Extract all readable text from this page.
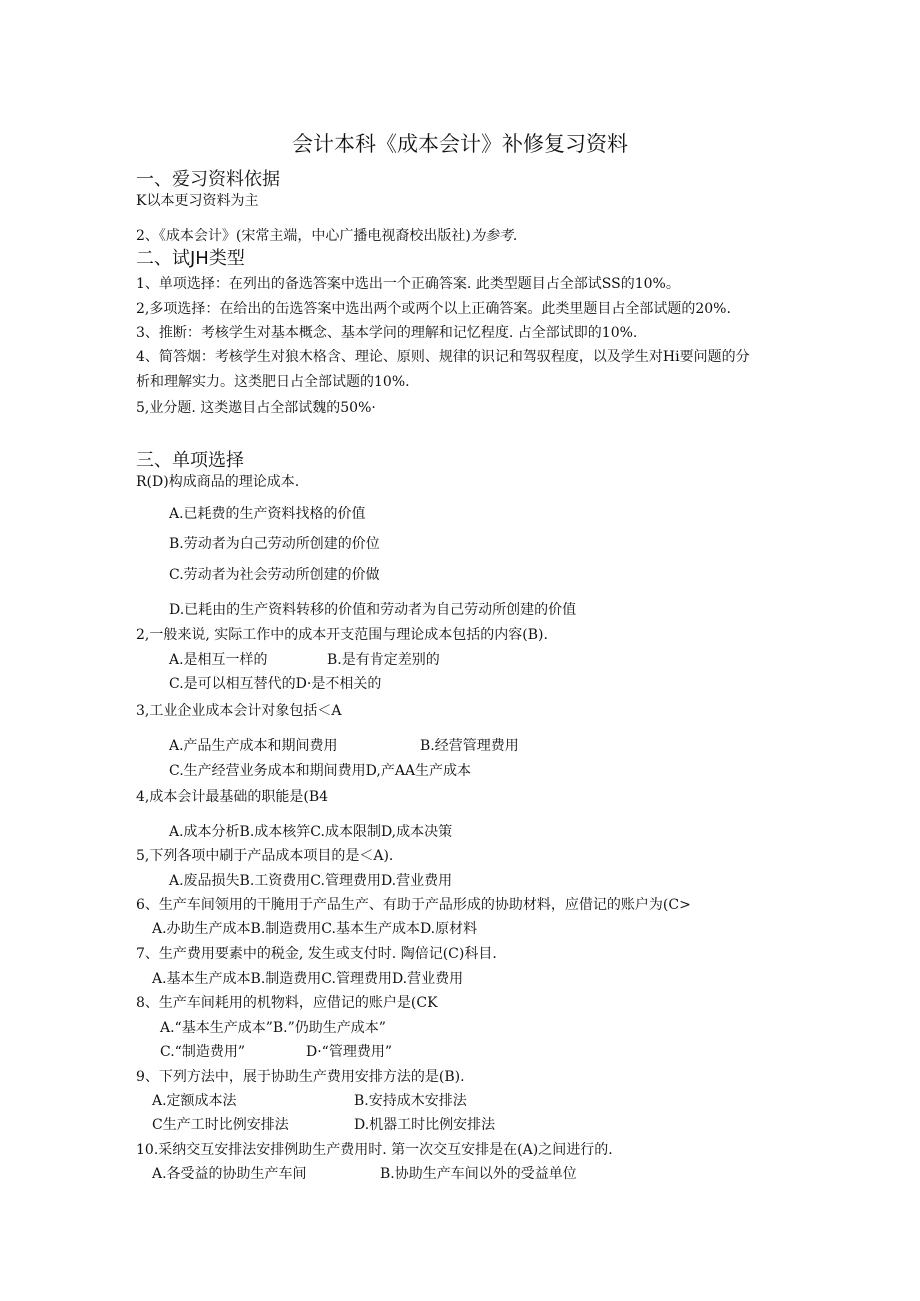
会计本科《成本会计》补修复习资料
一、爱习资料依据
K以本更习资料为主
2、《成本会计》(宋常主端，中心广播电视裔校出版社)为参考.
二、试JH类型
1、单项选择：在列出的备选答案中选出一个正确答案. 此类型题目占全部试SS的10%。
2,多项选择：在给出的缶选答案中选出两个或两个以上正确答案。此类里题目占全部试题的20%.
3、推断：考核学生对基本概念、基本学问的理解和记忆程度. 占全部试即的10%.
4、简答烟：考核学生对狼木格含、理论、原则、规律的识记和驾驭程度，以及学生对Hi要问题的分
析和理解实力。这类肥日占全部试题的10%.
5,业分题. 这类遨目占全部试魏的50%·
三、单项选择
R(D)构成商品的理论成本.
A.已耗费的生产资料找格的价值
B.劳动者为白己劳动所创建的价位
C.劳动者为社会劳动所创建的价做
D.已耗由的生产资料转移的价值和劳动者为自己劳动所创建的价值
2,一般来说, 实际工作中的成本开支范围与理论成本包括的内容(B).
A.是相互一样的	B.是有肯定差别的
C.是可以相互替代的D·是不相关的
3,工业企业成本会计对象包括＜A
A.产品生产成本和期间费用	B.经营管理费用
C.生产经营业务成本和期间费用D,产AA生产成本
4,成本会计最基础的职能是(B4
A.成本分析B.成本核笄C.成本限制D,成本决策
5,下列各项中刷于产品成本项目的是＜A).
A.废品损失B.工资费用C.管理费用D.营业费用
6、生产车间领用的干腌用于产品生产、有助于产品形成的协助材料，应借记的账户为(C>
A.办助生产成本B.制造费用C.基本生产成本D.原材料
7、生产费用要素中的税金, 发生或支付时. 陶倍记(C)科目.
A.基本生产成本B.制造费用C.管理费用D.营业费用
8、生产车间耗用的机物料，应借记的账户是(CK
A.“基本生产成本”B.”仍助生产成本”
C.“制造费用”	D·“管理费用”
9、下列方法中，展于协助生产费用安排方法的是(B).
A.定额成本法	B.安持成木安排法
C生产工时比例安排法	D.机器工时比例安排法
10.采纳交互安排法安排例助生产费用时. 第一次交互安排是在(A)之间进行的.
A.各受益的协助生产车间	B.协助生产车间以外的受益单位
